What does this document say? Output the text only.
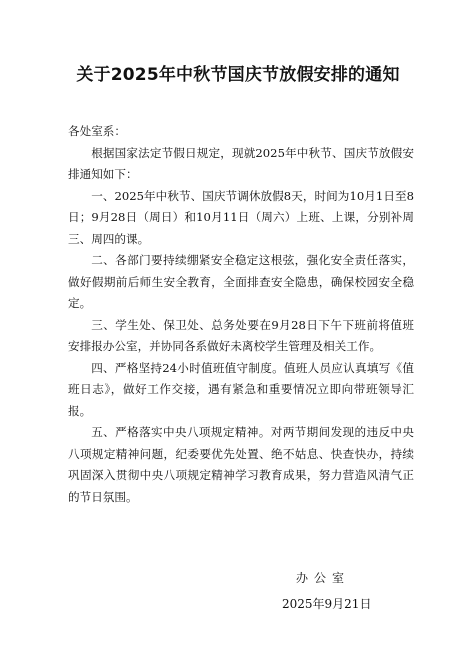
关于2025年中秋节国庆节放假安排的通知

各处室系：

根据国家法定节假日规定，现就2025年中秋节、国庆节放假安排通知如下：

一、2025年中秋节、国庆节调休放假8天，时间为10月1日至8日；9月28日（周日）和10月11日（周六）上班、上课，分别补周三、周四的课。

二、各部门要持续绷紧安全稳定这根弦，强化安全责任落实，做好假期前后师生安全教育，全面排查安全隐患，确保校园安全稳定。

三、学生处、保卫处、总务处要在9月28日下午下班前将值班安排报办公室，并协同各系做好未离校学生管理及相关工作。

四、严格坚持24小时值班值守制度。值班人员应认真填写《值班日志》，做好工作交接，遇有紧急和重要情况立即向带班领导汇报。

五、严格落实中央八项规定精神。对两节期间发现的违反中央八项规定精神问题，纪委要优先处置、绝不姑息、快查快办，持续巩固深入贯彻中央八项规定精神学习教育成果，努力营造风清气正的节日氛围。

办公室
2025年9月21日
